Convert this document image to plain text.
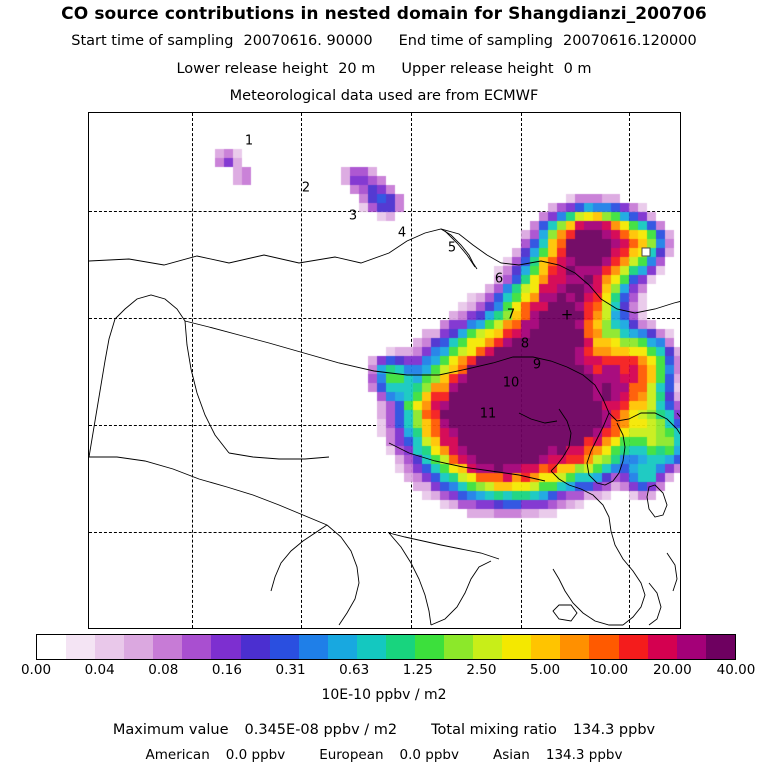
CO source contributions in nested domain for Shangdianzi_200706
Start time of sampling 20070616. 90000 End time of sampling 20070616.120000
Lower release height 20 m Upper release height 0 m
Meteorological data used are from ECMWF
+
1
2
3
4
5
6
7
8
9
10
11
0.00 0.04 0.08 0.16 0.31 0.63 1.25 2.50 5.00 10.00 20.00 40.00
10E-10 ppbv / m2
Maximum value 0.345E-08 ppbv / m2 Total mixing ratio 134.3 ppbv
American 0.0 ppbv	European 0.0 ppbv	Asian 134.3 ppbv
